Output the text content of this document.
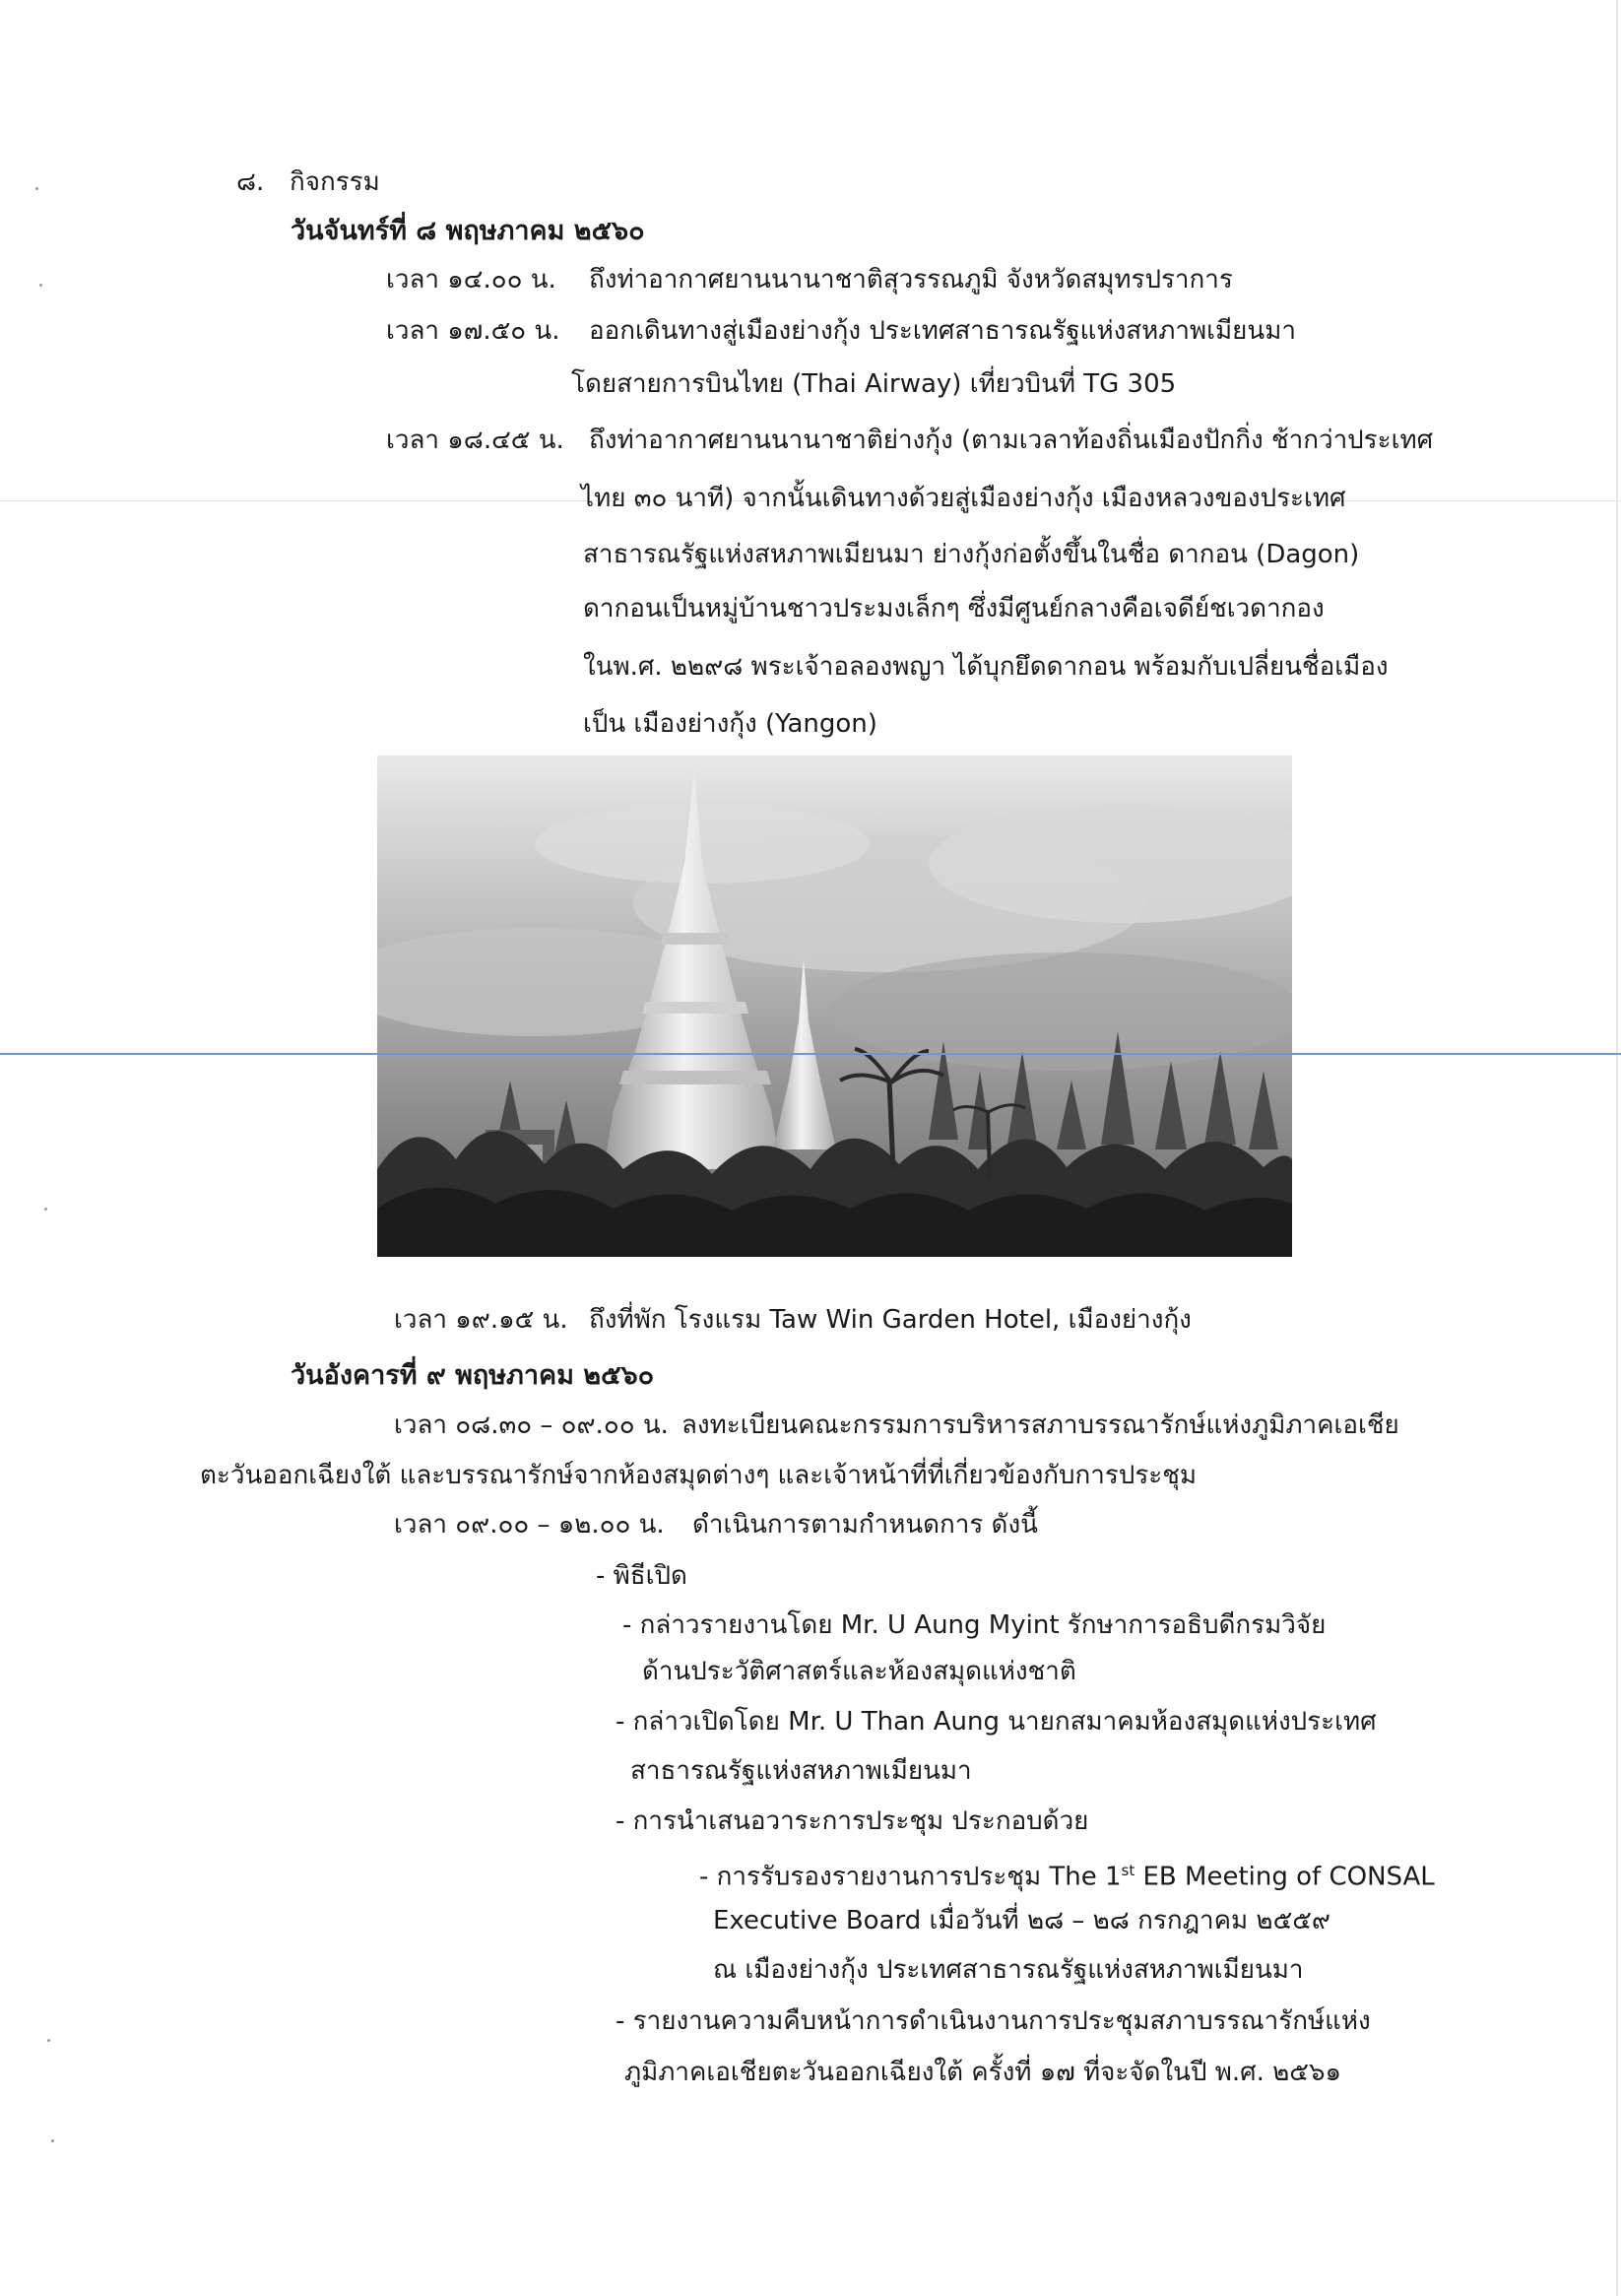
๘. กิจกรรม
วันจันทร์ที่ ๘ พฤษภาคม ๒๕๖๐
เวลา ๑๔.๐๐ น. ถึงท่าอากาศยานนานาชาติสุวรรณภูมิ จังหวัดสมุทรปราการ
เวลา ๑๗.๕๐ น. ออกเดินทางสู่เมืองย่างกุ้ง ประเทศสาธารณรัฐแห่งสหภาพเมียนมา
โดยสายการบินไทย (Thai Airway) เที่ยวบินที่ TG 305
เวลา ๑๘.๔๕ น. ถึงท่าอากาศยานนานาชาติย่างกุ้ง (ตามเวลาท้องถิ่นเมืองปักกิ่ง ช้ากว่าประเทศ
ไทย ๓๐ นาที) จากนั้นเดินทางด้วยสู่เมืองย่างกุ้ง เมืองหลวงของประเทศ
สาธารณรัฐแห่งสหภาพเมียนมา ย่างกุ้งก่อตั้งขึ้นในชื่อ ดากอน (Dagon)
ดากอนเป็นหมู่บ้านชาวประมงเล็กๆ ซึ่งมีศูนย์กลางคือเจดีย์ชเวดากอง
ในพ.ศ. ๒๒๙๘ พระเจ้าอลองพญา ได้บุกยึดดากอน พร้อมกับเปลี่ยนชื่อเมือง
เป็น เมืองย่างกุ้ง (Yangon)
เวลา ๑๙.๑๕ น. ถึงที่พัก โรงแรม Taw Win Garden Hotel, เมืองย่างกุ้ง
วันอังคารที่ ๙ พฤษภาคม ๒๕๖๐
เวลา ๐๘.๓๐ – ๐๙.๐๐ น. ลงทะเบียนคณะกรรมการบริหารสภาบรรณารักษ์แห่งภูมิภาคเอเชีย
ตะวันออกเฉียงใต้ และบรรณารักษ์จากห้องสมุดต่างๆ และเจ้าหน้าที่ที่เกี่ยวข้องกับการประชุม
เวลา ๐๙.๐๐ – ๑๒.๐๐ น. ดำเนินการตามกำหนดการ ดังนี้
- พิธีเปิด
- กล่าวรายงานโดย Mr. U Aung Myint รักษาการอธิบดีกรมวิจัย
ด้านประวัติศาสตร์และห้องสมุดแห่งชาติ
- กล่าวเปิดโดย Mr. U Than Aung นายกสมาคมห้องสมุดแห่งประเทศ
สาธารณรัฐแห่งสหภาพเมียนมา
- การนำเสนอวาระการประชุม ประกอบด้วย
- การรับรองรายงานการประชุม The 1st EB Meeting of CONSAL
Executive Board เมื่อวันที่ ๒๘ – ๒๘ กรกฎาคม ๒๕๕๙
ณ เมืองย่างกุ้ง ประเทศสาธารณรัฐแห่งสหภาพเมียนมา
- รายงานความคืบหน้าการดำเนินงานการประชุมสภาบรรณารักษ์แห่ง
ภูมิภาคเอเชียตะวันออกเฉียงใต้ ครั้งที่ ๑๗ ที่จะจัดในปี พ.ศ. ๒๕๖๑
